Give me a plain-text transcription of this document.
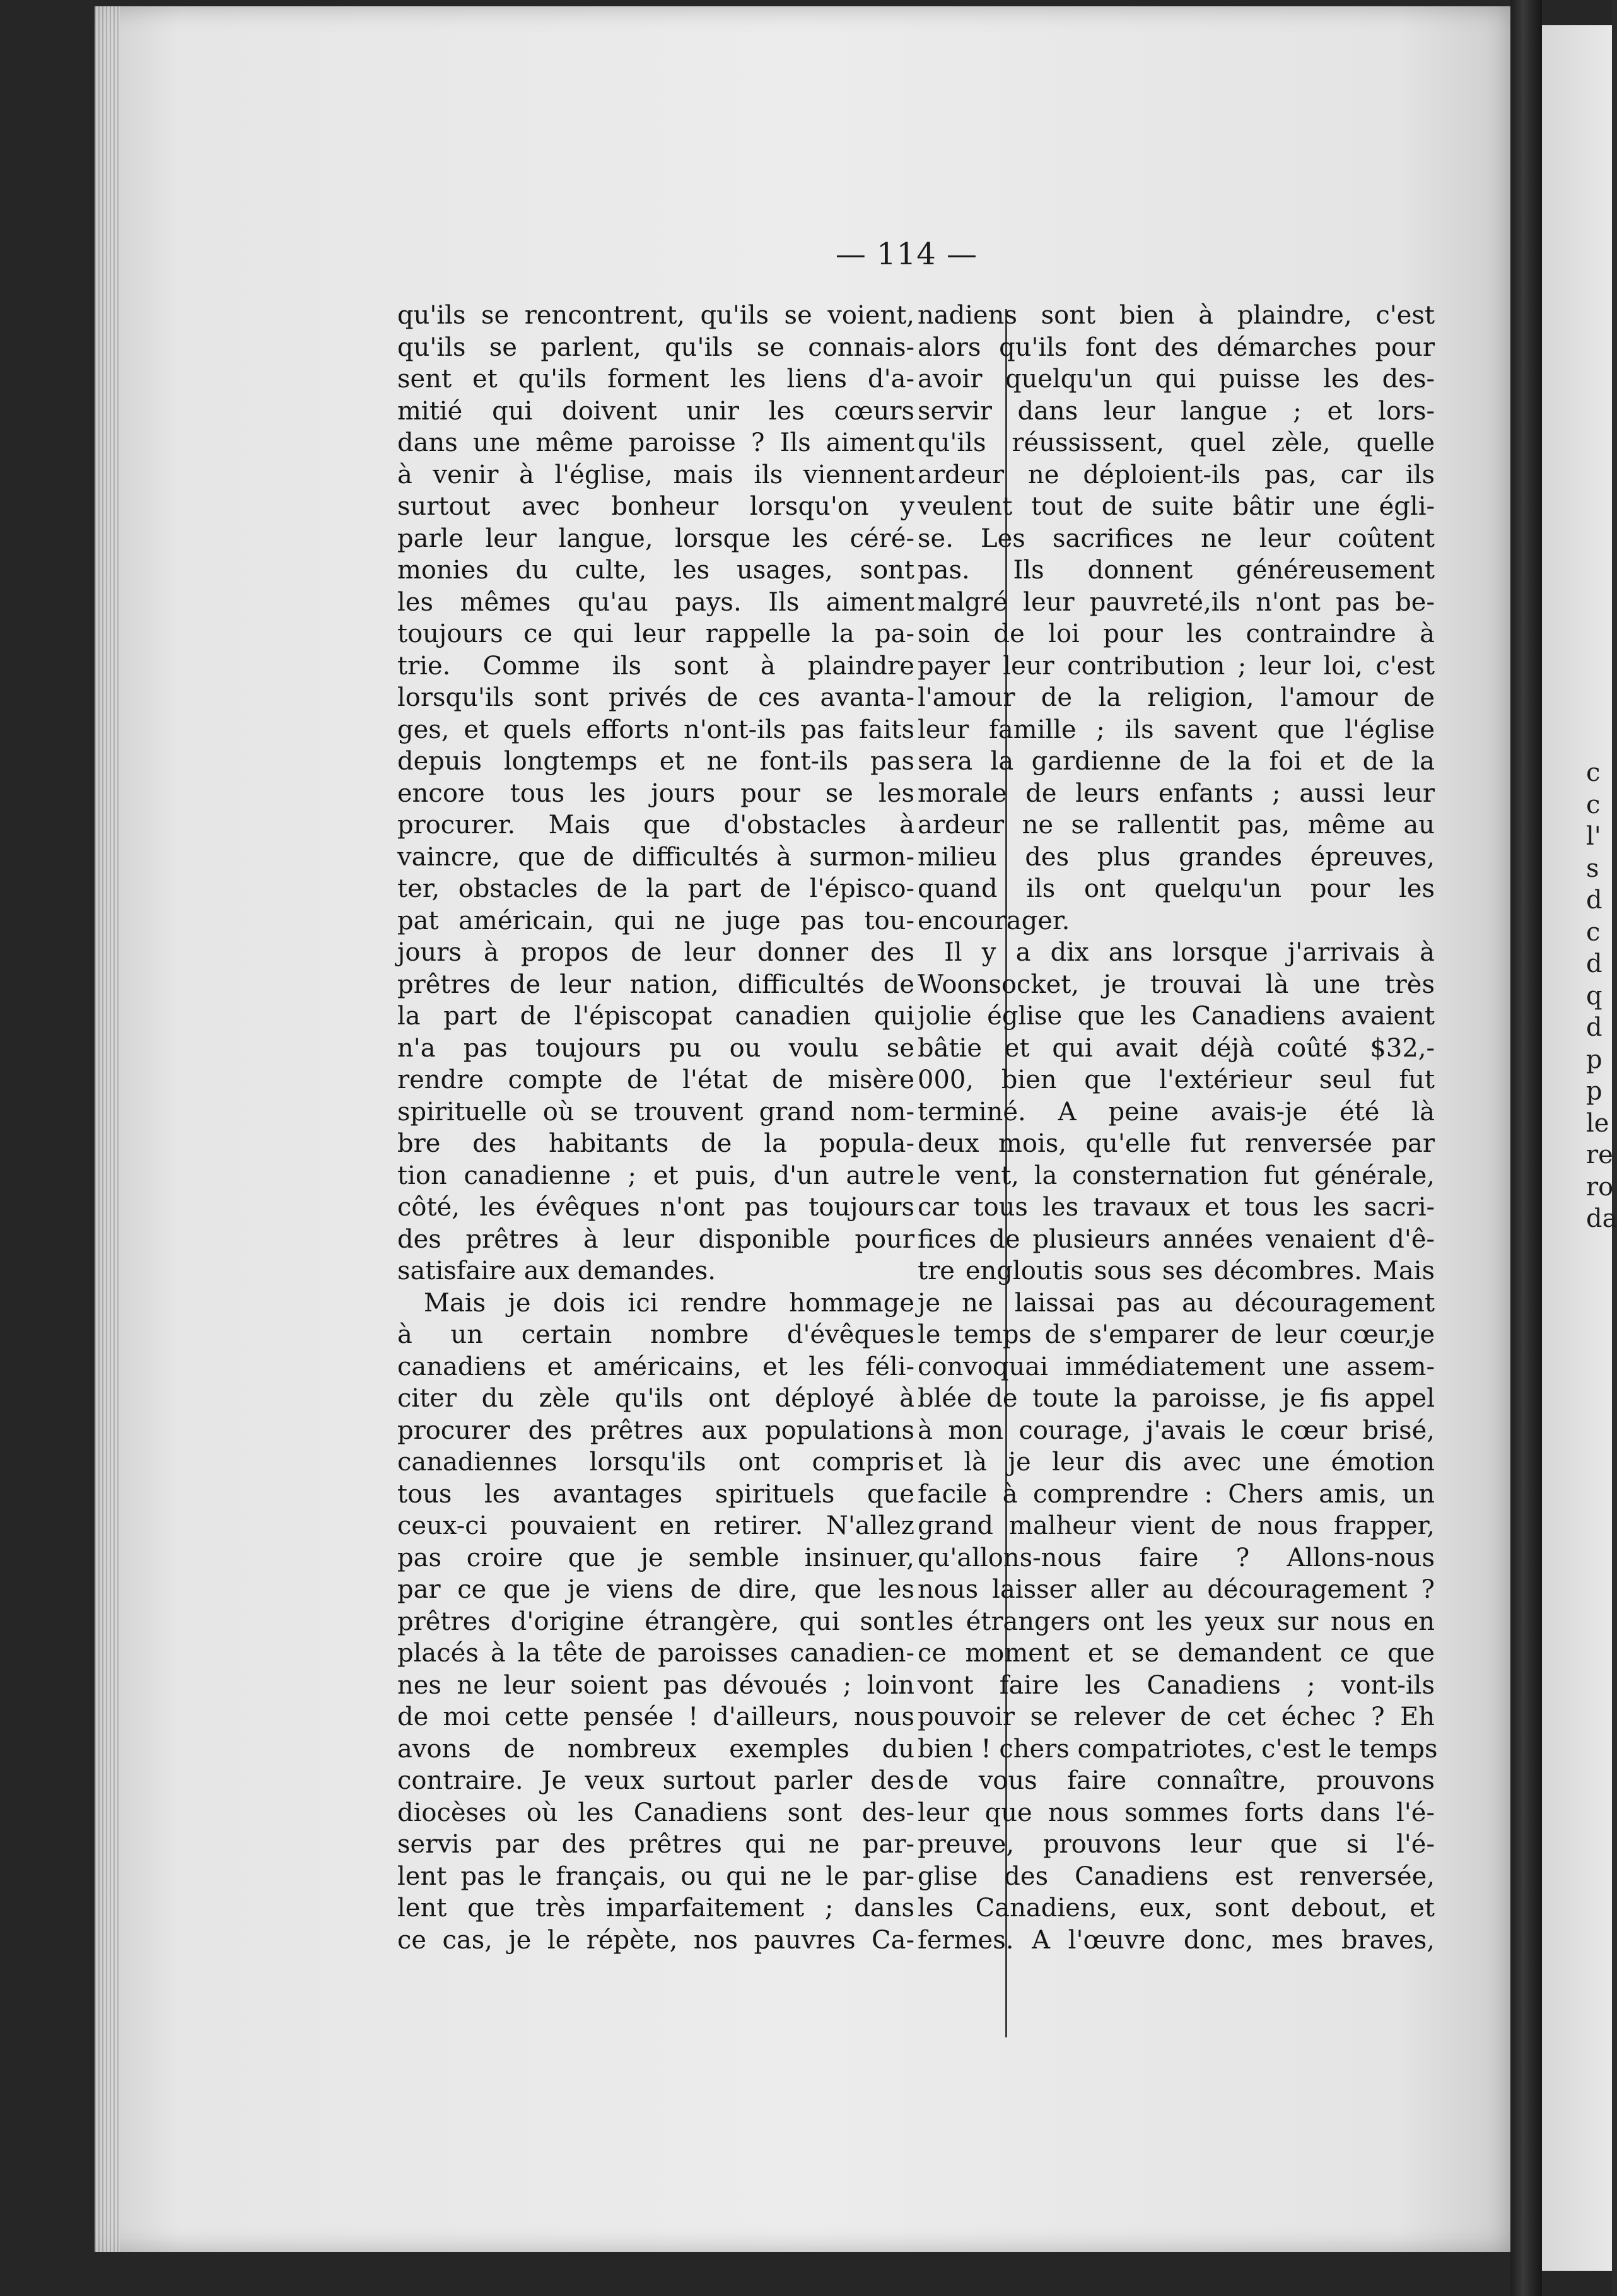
— 114 —
qu'ils se rencontrent, qu'ils se voient,
qu'ils se parlent, qu'ils se connais-
sent et qu'ils forment les liens d'a-
mitié qui doivent unir les cœurs
dans une même paroisse ? Ils aiment
à venir à l'église, mais ils viennent
surtout avec bonheur lorsqu'on y
parle leur langue, lorsque les céré-
monies du culte, les usages, sont
les mêmes qu'au pays. Ils aiment
toujours ce qui leur rappelle la pa-
trie. Comme ils sont à plaindre
lorsqu'ils sont privés de ces avanta-
ges, et quels efforts n'ont-ils pas faits
depuis longtemps et ne font-ils pas
encore tous les jours pour se les
procurer. Mais que d'obstacles à
vaincre, que de difficultés à surmon-
ter, obstacles de la part de l'épisco-
pat américain, qui ne juge pas tou-
jours à propos de leur donner des
prêtres de leur nation, difficultés de
la part de l'épiscopat canadien qui
n'a pas toujours pu ou voulu se
rendre compte de l'état de misère
spirituelle où se trouvent grand nom-
bre des habitants de la popula-
tion canadienne ; et puis, d'un autre
côté, les évêques n'ont pas toujours
des prêtres à leur disponible pour
satisfaire aux demandes.
Mais je dois ici rendre hommage
à un certain nombre d'évêques
canadiens et américains, et les féli-
citer du zèle qu'ils ont déployé à
procurer des prêtres aux populations
canadiennes lorsqu'ils ont compris
tous les avantages spirituels que
ceux-ci pouvaient en retirer. N'allez
pas croire que je semble insinuer,
par ce que je viens de dire, que les
prêtres d'origine étrangère, qui sont
placés à la tête de paroisses canadien-
nes ne leur soient pas dévoués ; loin
de moi cette pensée ! d'ailleurs, nous
avons de nombreux exemples du
contraire. Je veux surtout parler des
diocèses où les Canadiens sont des-
servis par des prêtres qui ne par-
lent pas le français, ou qui ne le par-
lent que très imparfaitement ; dans
ce cas, je le répète, nos pauvres Ca-
nadiens sont bien à plaindre, c'est
alors qu'ils font des démarches pour
avoir quelqu'un qui puisse les des-
servir dans leur langue ; et lors-
qu'ils réussissent, quel zèle, quelle
ardeur ne déploient-ils pas, car ils
veulent tout de suite bâtir une égli-
se. Les sacrifices ne leur coûtent
pas. Ils donnent généreusement
malgré leur pauvreté,ils n'ont pas be-
soin de loi pour les contraindre à
payer leur contribution ; leur loi, c'est
l'amour de la religion, l'amour de
leur famille ; ils savent que l'église
sera la gardienne de la foi et de la
morale de leurs enfants ; aussi leur
ardeur ne se rallentit pas, même au
milieu des plus grandes épreuves,
quand ils ont quelqu'un pour les
encourager.
Il y a dix ans lorsque j'arrivais à
Woonsocket, je trouvai là une très
jolie église que les Canadiens avaient
bâtie et qui avait déjà coûté $32,-
000, bien que l'extérieur seul fut
terminé. A peine avais-je été là
deux mois, qu'elle fut renversée par
le vent, la consternation fut générale,
car tous les travaux et tous les sacri-
fices de plusieurs années venaient d'ê-
tre engloutis sous ses décombres. Mais
je ne laissai pas au découragement
le temps de s'emparer de leur cœur,je
convoquai immédiatement une assem-
blée de toute la paroisse, je fis appel
à mon courage, j'avais le cœur brisé,
et là je leur dis avec une émotion
facile à comprendre : Chers amis, un
grand malheur vient de nous frapper,
qu'allons-nous faire ? Allons-nous
nous laisser aller au découragement ?
les étrangers ont les yeux sur nous en
ce moment et se demandent ce que
vont faire les Canadiens ; vont-ils
pouvoir se relever de cet échec ? Eh
bien ! chers compatriotes, c'est le temps
de vous faire connaître, prouvons
leur que nous sommes forts dans l'é-
preuve, prouvons leur que si l'é-
glise des Canadiens est renversée,
les Canadiens, eux, sont debout, et
fermes. A l'œuvre donc, mes braves,
c
c
l'
s
d
c
d
q
d
p
p
le
re
ro
da
